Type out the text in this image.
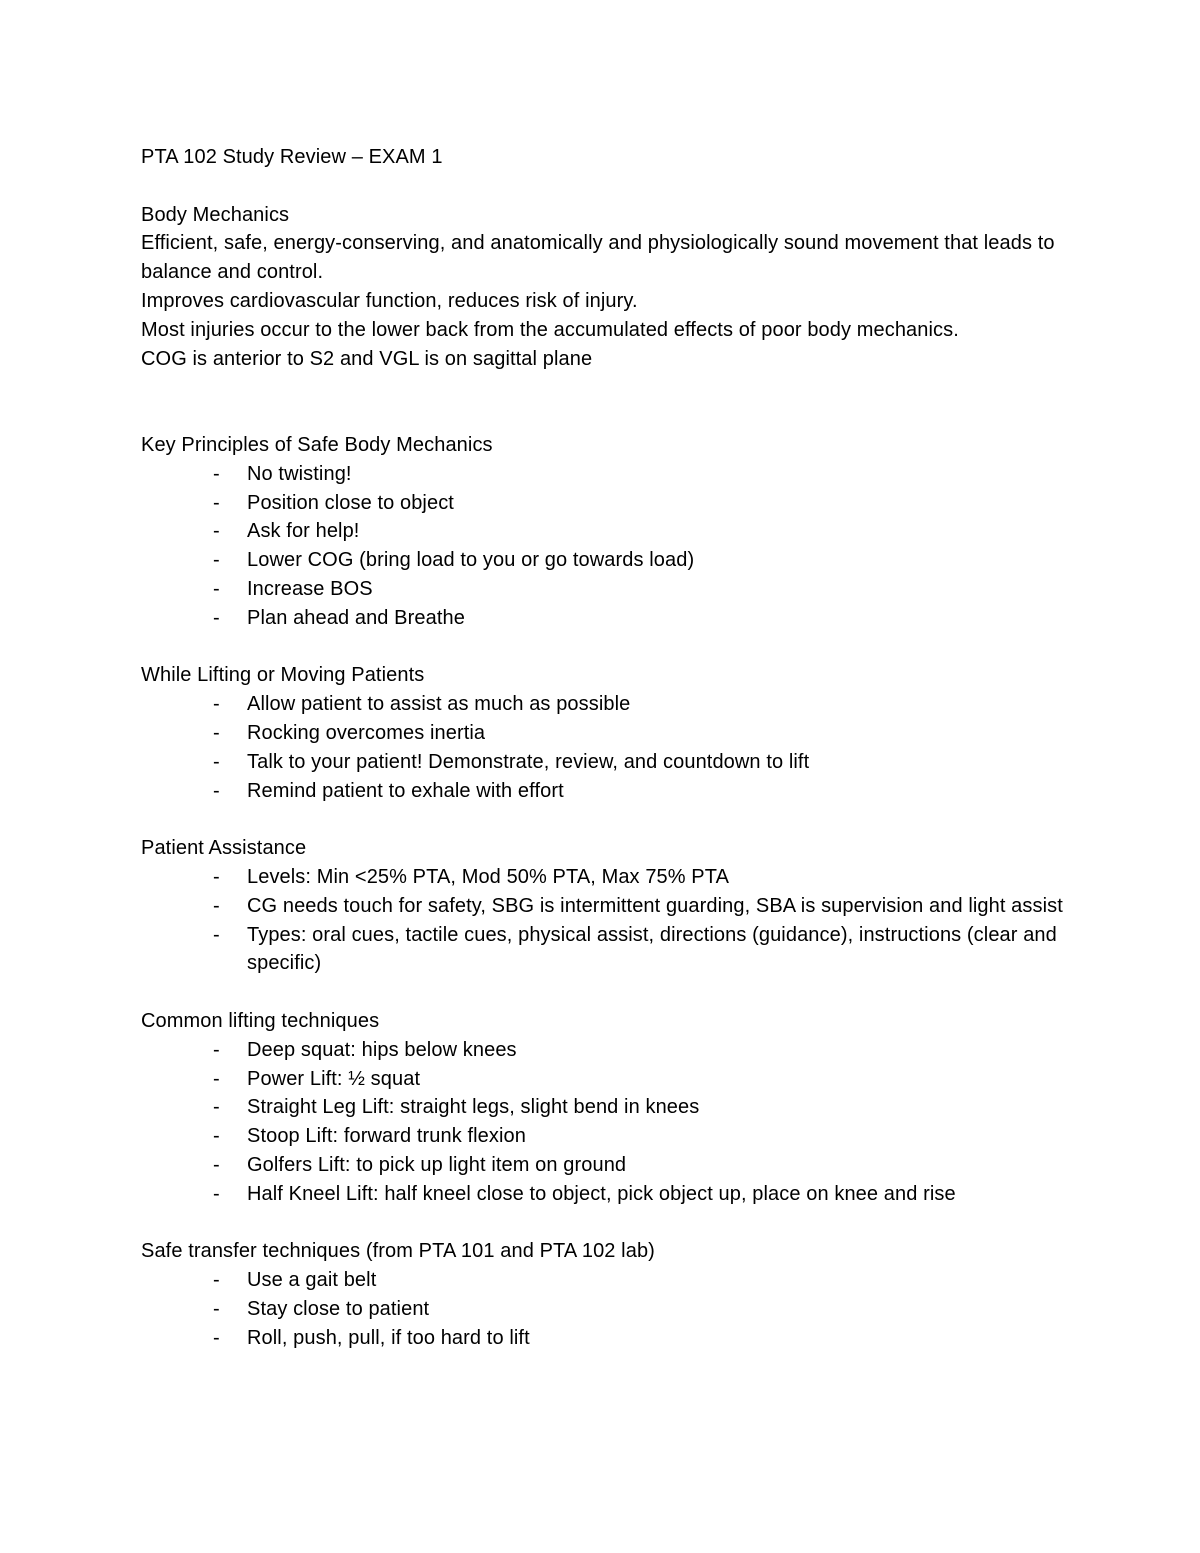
PTA 102 Study Review – EXAM 1

Body Mechanics

Efficient, safe, energy-conserving, and anatomically and physiologically sound movement that leads to balance and control.

Improves cardiovascular function, reduces risk of injury.

Most injuries occur to the lower back from the accumulated effects of poor body mechanics.

COG is anterior to S2 and VGL is on sagittal plane

Key Principles of Safe Body Mechanics

- No twisting!
- Position close to object
- Ask for help!
- Lower COG (bring load to you or go towards load)
- Increase BOS
- Plan ahead and Breathe

While Lifting or Moving Patients

- Allow patient to assist as much as possible
- Rocking overcomes inertia
- Talk to your patient! Demonstrate, review, and countdown to lift
- Remind patient to exhale with effort

Patient Assistance

- Levels: Min <25% PTA, Mod 50% PTA, Max 75% PTA
- CG needs touch for safety, SBG is intermittent guarding, SBA is supervision and light assist
- Types: oral cues, tactile cues, physical assist, directions (guidance), instructions (clear and specific)

Common lifting techniques

- Deep squat: hips below knees
- Power Lift: ½ squat
- Straight Leg Lift: straight legs, slight bend in knees
- Stoop Lift: forward trunk flexion
- Golfers Lift: to pick up light item on ground
- Half Kneel Lift: half kneel close to object, pick object up, place on knee and rise

Safe transfer techniques (from PTA 101 and PTA 102 lab)

- Use a gait belt
- Stay close to patient
- Roll, push, pull, if too hard to lift
